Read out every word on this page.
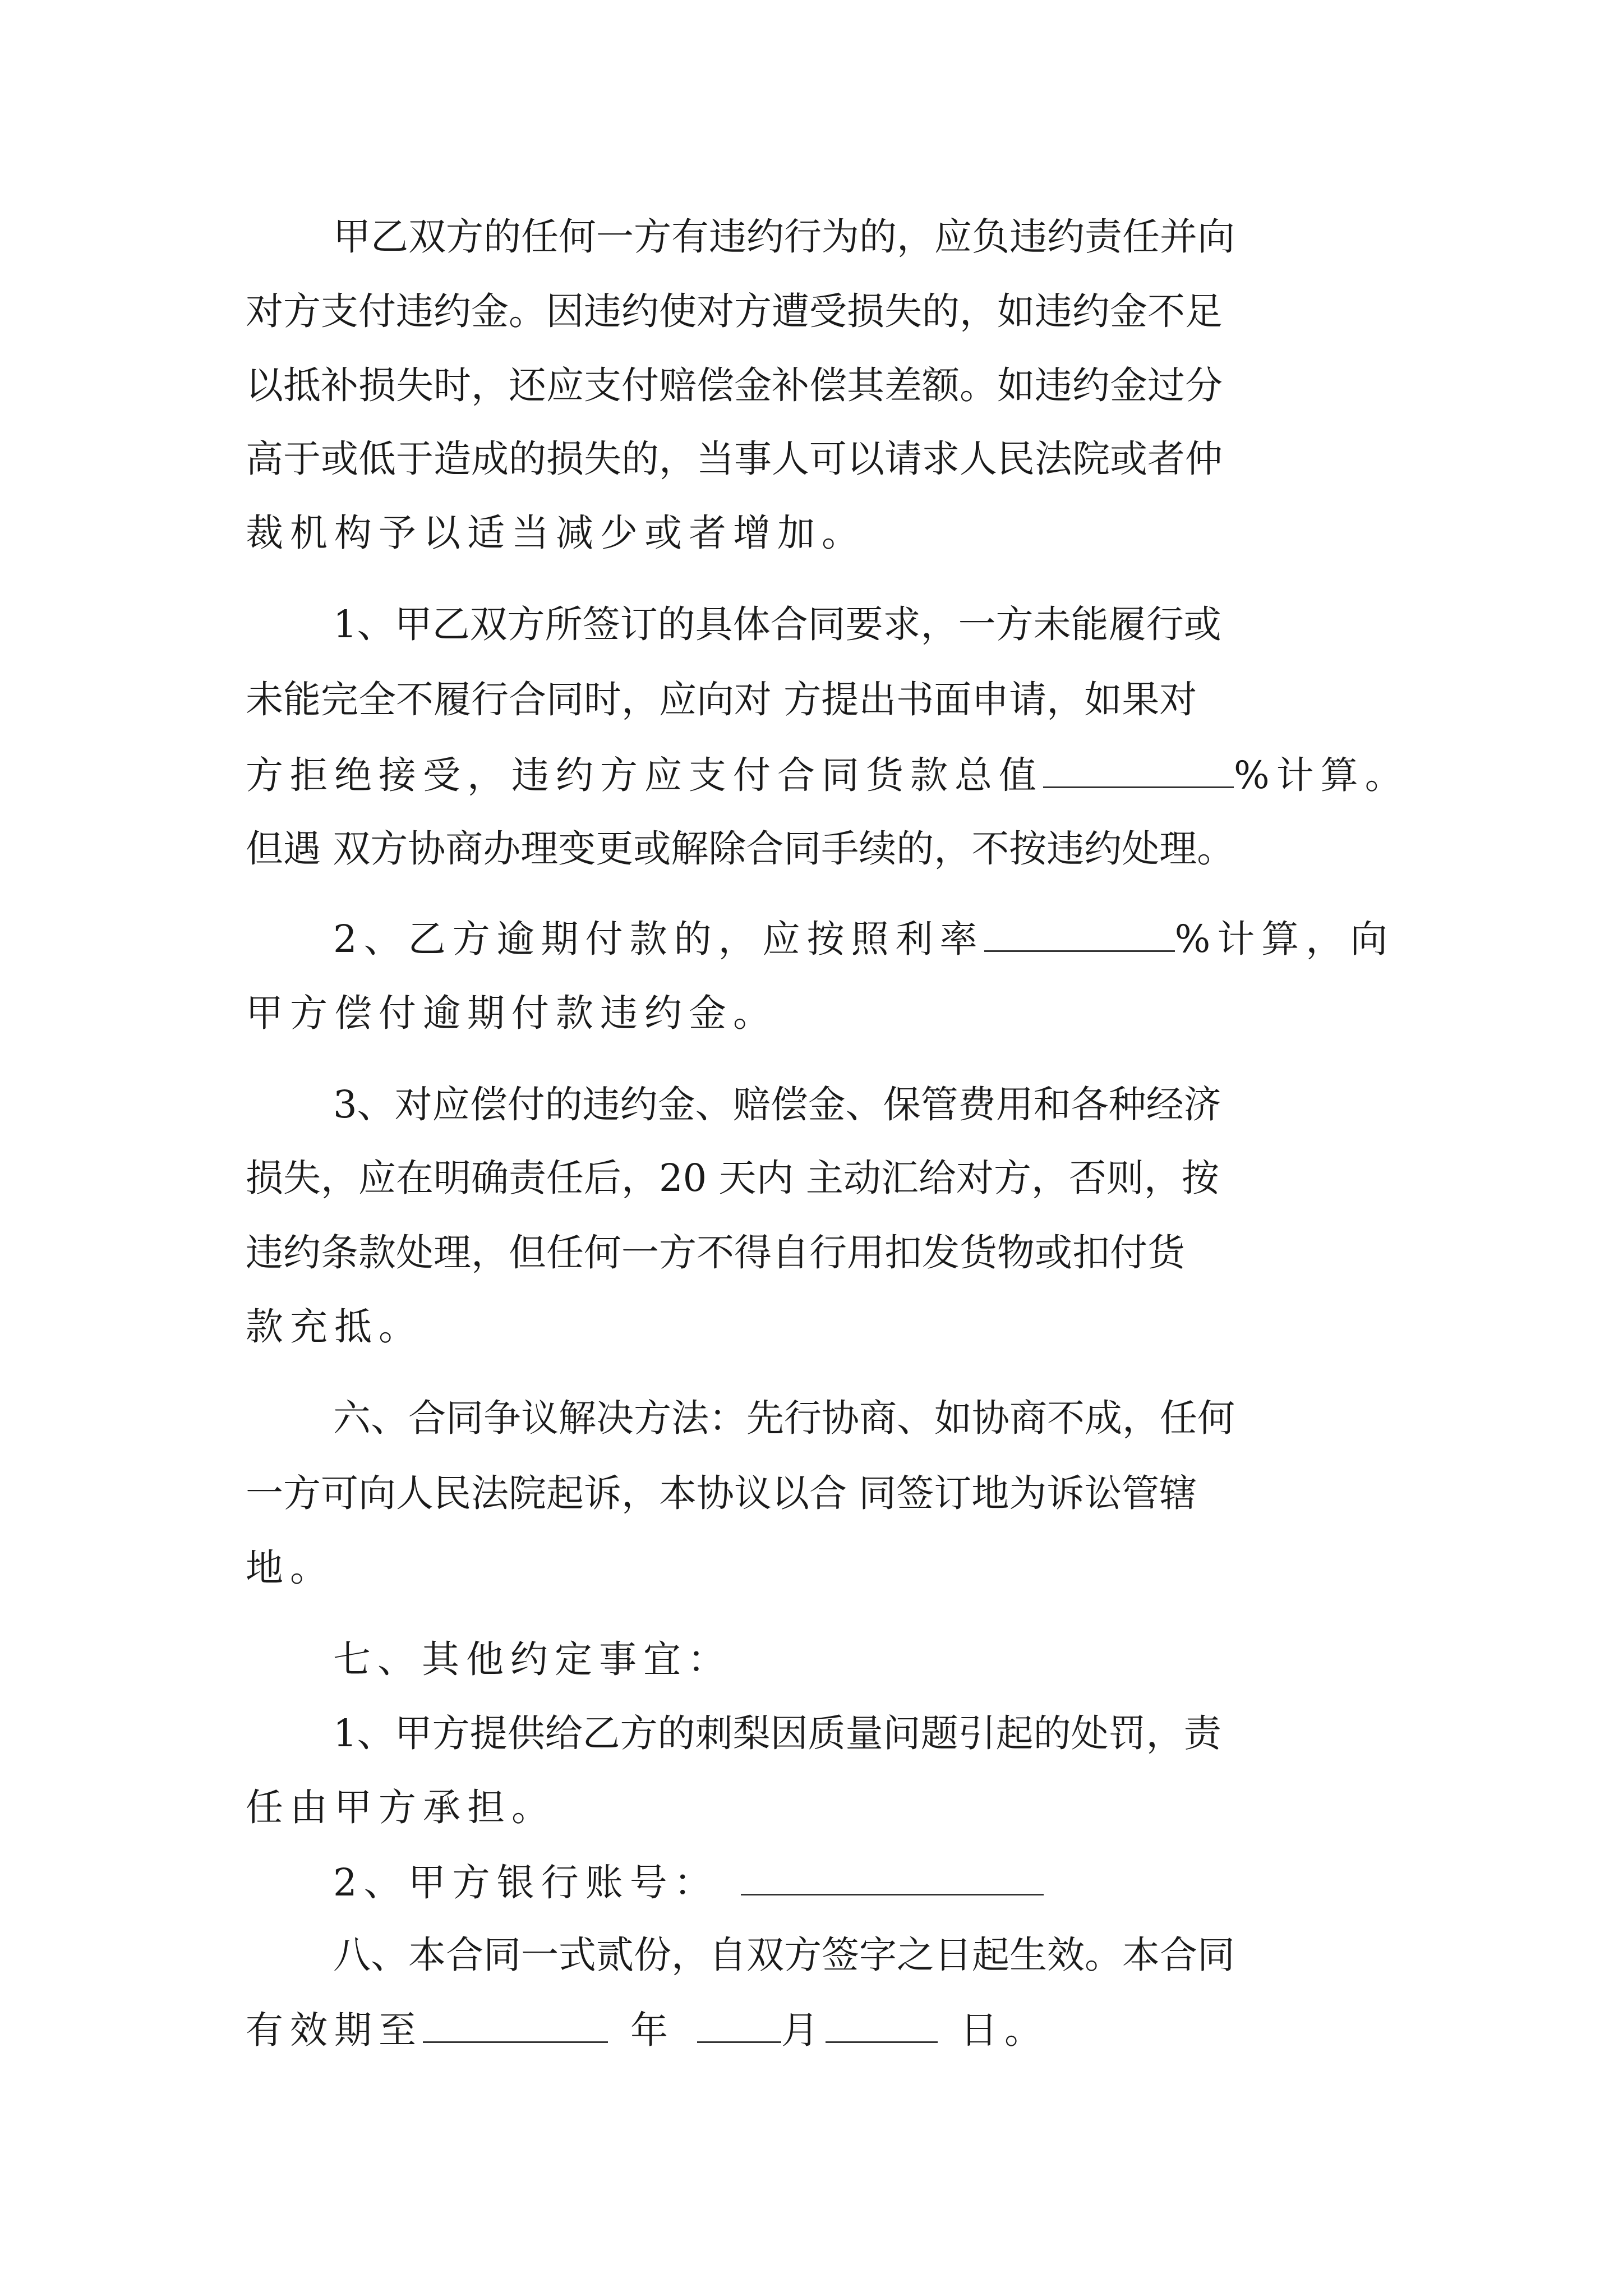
甲乙双方的任何一方有违约行为的，应负违约责任并向
对方支付违约金。因违约使对方遭受损失的，如违约金不足
以抵补损失时，还应支付赔偿金补偿其差额。如违约金过分
高于或低于造成的损失的，当事人可以请求人民法院或者仲
裁机构予以适当减少或者增加。
1、甲乙双方所签订的具体合同要求，一方未能履行或
未能完全不履行合同时，应向对 方提出书面申请，如果对
方拒绝接受，违约方应支付合同货款总值	%计算。
但遇 双方协商办理变更或解除合同手续的，不按违约处理。
2、乙方逾期付款的，应按照利率	%计算，向
甲方偿付逾期付款违约金。
3、对应偿付的违约金、赔偿金、保管费用和各种经济
损失，应在明确责任后，20 天内 主动汇给对方，否则，按
违约条款处理，但任何一方不得自行用扣发货物或扣付货
款充抵。
六、合同争议解决方法：先行协商、如协商不成，任何
一方可向人民法院起诉，本协议以合 同签订地为诉讼管辖
地。
七、其他约定事宜：
1、甲方提供给乙方的刺梨因质量问题引起的处罚，责
任由甲方承担。
2、甲方银行账号：
八、本合同一式贰份，自双方签字之日起生效。本合同
有效期至	年	月	日。
